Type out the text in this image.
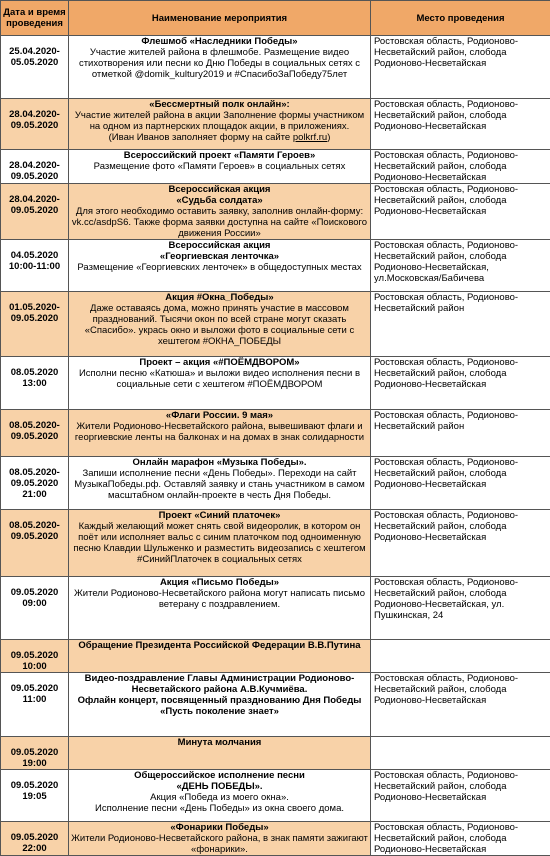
Дата и время проведения	Наименование мероприятия	Место проведения
25.04.2020-
05.05.2020	Флешмоб «Наследники Победы»
Участие жителей района в флешмобе. Размещение видео стихотворения или песни ко Дню Победы в социальных сетях с отметкой @domik_kultury2019 и #СпасибоЗаПобеду75лет	Ростовская область, Родионово-Несветайский район, слобода Родионово-Несветайская
28.04.2020-
09.05.2020	«Бессмертный полк онлайн»:
Участие жителей района в акции Заполнение формы участником на одном из партнерских площадок акции, в приложениях.
(Иван Иванов заполняет форму на сайте polkrf.ru)	Ростовская область, Родионово-Несветайский район, слобода Родионово-Несветайская
28.04.2020-
09.05.2020	Всероссийский проект «Памяти Героев»
Размещение фото «Памяти Героев» в социальных сетях	Ростовская область, Родионово-Несветайский район, слобода Родионово-Несветайская
28.04.2020-
09.05.2020	Всероссийская акция
«Судьба солдата»
Для этого необходимо оставить заявку, заполнив онлайн-форму: vk.cc/asdpS6. Также форма заявки доступна на сайте «Поискового движения России»	Ростовская область, Родионово-Несветайский район, слобода Родионово-Несветайская
04.05.2020
10:00-11:00	Всероссийская акция
«Георгиевская ленточка»
Размещение «Георгиевских ленточек» в общедоступных местах	Ростовская область, Родионово-Несветайский район, слобода Родионово-Несветайская, ул.Московская/Бабичева
01.05.2020-
09.05.2020	Акция #Окна_Победы»
Даже оставаясь дома, можно принять участие в массовом празднований. Тысячи окон по всей стране могут сказать «Спасибо». укрась окно и выложи фото в социальные сети с хештегом #ОКНА_ПОБЕДЫ	Ростовская область, Родионово-Несветайский район
08.05.2020
13:00	Проект – акция «#ПОЁМДВОРОМ»
Исполни песню «Катюша» и выложи видео исполнения песни в социальные сети с хештегом #ПОЁМДВОРОМ	Ростовская область, Родионово-Несветайский район, слобода Родионово-Несветайская
08.05.2020-
09.05.2020	«Флаги России. 9 мая»
Жители Родионово-Несветайского района, вывешивают флаги и георгиевские ленты на балконах и на домах в знак солидарности	Ростовская область, Родионово-Несветайский район
08.05.2020-
09.05.2020
21:00	Онлайн марафон «Музыка Победы».
Запиши исполнение песни «День Победы». Переходи на сайт МузыкаПобеды.рф. Оставляй заявку и стань участником в самом масштабном онлайн-проекте в честь Дня Победы.	Ростовская область, Родионово-Несветайский район, слобода Родионово-Несветайская
08.05.2020-
09.05.2020	Проект «Синий платочек»
Каждый желающий может снять свой видеоролик, в котором он поёт или исполняет вальс с синим платочком под одноименную песню Клавдии Шульженко и разместить видеозапись с хештегом #СинийПлаточек в социальных сетях	Ростовская область, Родионово-Несветайский район, слобода Родионово-Несветайская
09.05.2020
09:00	Акция «Письмо Победы»
Жители Родионово-Несветайского района могут написать письмо ветерану с поздравлением.	Ростовская область, Родионово-Несветайский район, слобода Родионово-Несветайская, ул. Пушкинская, 24
09.05.2020
10:00	Обращение Президента Российской Федерации В.В.Путина	

09.05.2020
11:00	Видео-поздравление Главы Администрации Родионово-Несветайского района А.В.Кучмиёва.
Офлайн концерт, посвященный празднованию Дня Победы
«Пусть поколение знает»	Ростовская область, Родионово-Несветайский район, слобода Родионово-Несветайская
09.05.2020
19:00	Минута молчания	

09.05.2020
19:05	Общероссийское исполнение песни
«ДЕНЬ ПОБЕДЫ».
Акция «Победа из моего окна».
Исполнение песни «День Победы» из окна своего дома.	Ростовская область, Родионово-Несветайский район, слобода Родионово-Несветайская
09.05.2020
22:00	«Фонарики Победы»
Жители Родионово-Несветайского района, в знак памяти зажигают «фонарики».	Ростовская область, Родионово-Несветайский район, слобода Родионово-Несветайская
